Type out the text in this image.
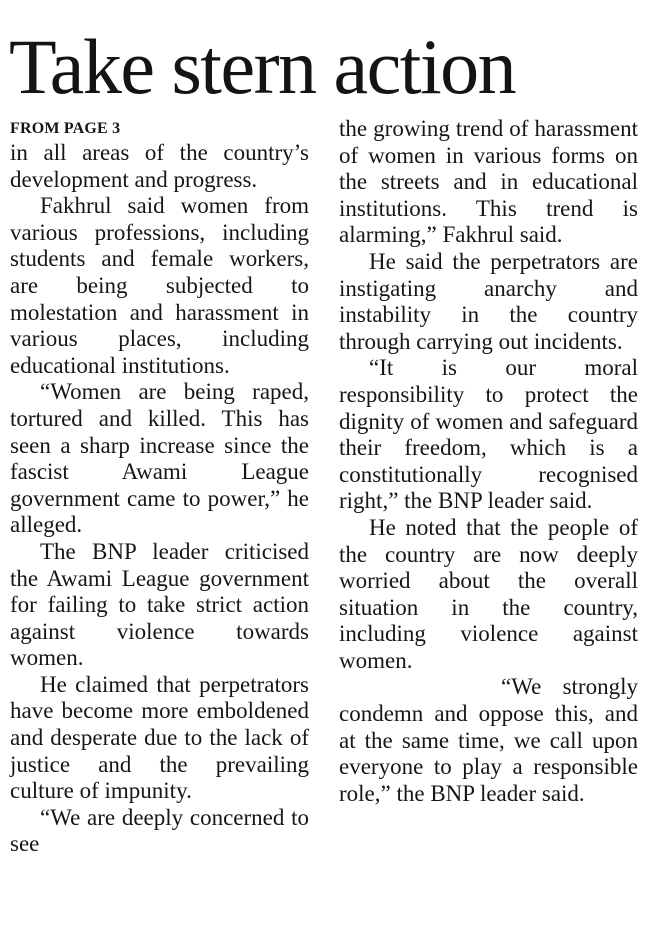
Take stern action
FROM PAGE 3

in all areas of the country’s development and progress.

Fakhrul said women from various professions, including students and female workers, are being subjected to molestation and harassment in various places, including educational institutions.

“Women are being raped, tortured and killed. This has seen a sharp increase since the fascist Awami League government came to power,” he alleged.

The BNP leader criticised the Awami League government for failing to take strict action against violence towards women.

He claimed that perpetrators have become more emboldened and desperate due to the lack of justice and the prevailing culture of impunity.

“We are deeply concerned to see

the growing trend of harassment of women in various forms on the streets and in educational institutions. This trend is alarming,” Fakhrul said.

He said the perpetrators are instigating anarchy and instability in the country through carrying out incidents.

“It is our moral responsibility to protect the dignity of women and safeguard their freedom, which is a constitutionally recognised right,” the BNP leader said.

He noted that the people of the country are now deeply worried about the overall situation in the country, including violence against women.

“We strongly condemn and oppose this, and at the same time, we call upon everyone to play a responsible role,” the BNP leader said.
